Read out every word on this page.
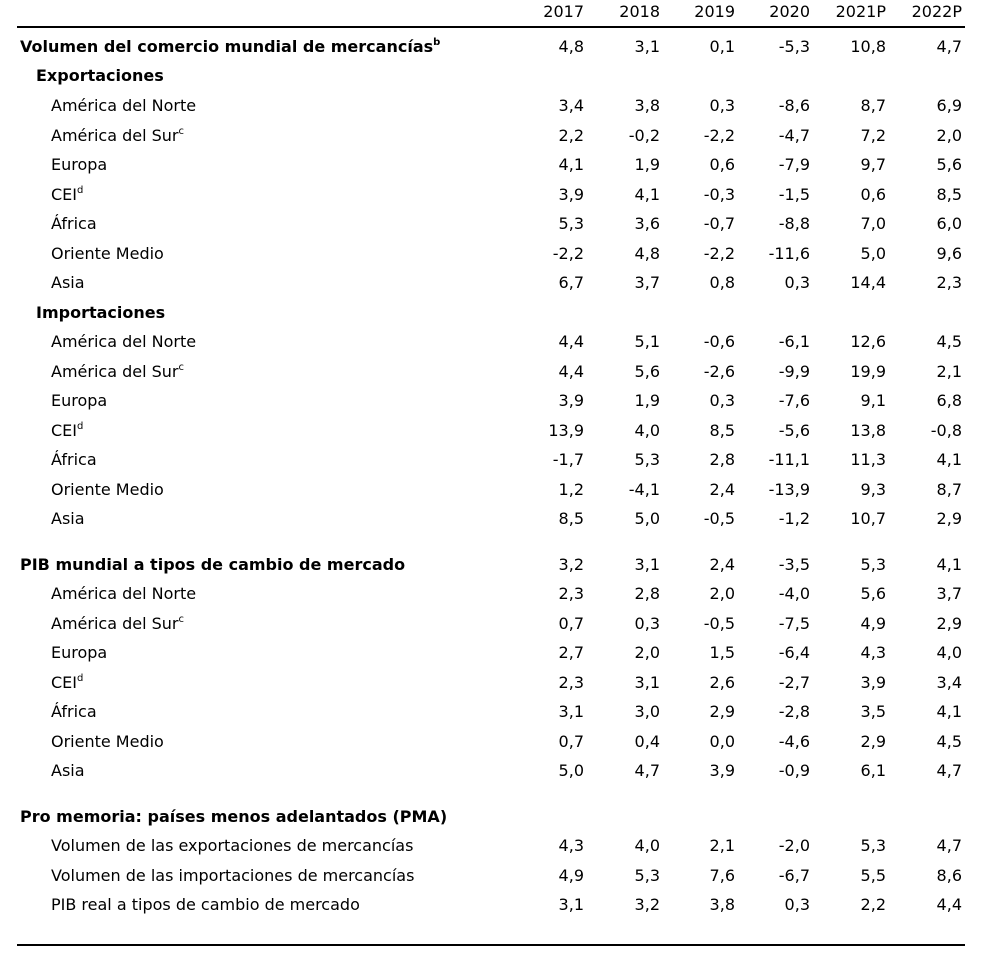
2017	2018	2019	2020	2021P	2022P
Volumen del comercio mundial de mercancías$^b$	4,8	3,1	0,1	-5,3	10,8	4,7
Exportaciones
América del Norte	3,4	3,8	0,3	-8,6	8,7	6,9
América del Sur$^c$	2,2	-0,2	-2,2	-4,7	7,2	2,0
Europa	4,1	1,9	0,6	-7,9	9,7	5,6
CEI$^d$	3,9	4,1	-0,3	-1,5	0,6	8,5
África	5,3	3,6	-0,7	-8,8	7,0	6,0
Oriente Medio	-2,2	4,8	-2,2	-11,6	5,0	9,6
Asia	6,7	3,7	0,8	0,3	14,4	2,3
Importaciones
América del Norte	4,4	5,1	-0,6	-6,1	12,6	4,5
América del Sur$^c$	4,4	5,6	-2,6	-9,9	19,9	2,1
Europa	3,9	1,9	0,3	-7,6	9,1	6,8
CEI$^d$	13,9	4,0	8,5	-5,6	13,8	-0,8
África	-1,7	5,3	2,8	-11,1	11,3	4,1
Oriente Medio	1,2	-4,1	2,4	-13,9	9,3	8,7
Asia	8,5	5,0	-0,5	-1,2	10,7	2,9
PIB mundial a tipos de cambio de mercado	3,2	3,1	2,4	-3,5	5,3	4,1
América del Norte	2,3	2,8	2,0	-4,0	5,6	3,7
América del Sur$^c$	0,7	0,3	-0,5	-7,5	4,9	2,9
Europa	2,7	2,0	1,5	-6,4	4,3	4,0
CEI$^d$	2,3	3,1	2,6	-2,7	3,9	3,4
África	3,1	3,0	2,9	-2,8	3,5	4,1
Oriente Medio	0,7	0,4	0,0	-4,6	2,9	4,5
Asia	5,0	4,7	3,9	-0,9	6,1	4,7
Pro memoria: países menos adelantados (PMA)
Volumen de las exportaciones de mercancías	4,3	4,0	2,1	-2,0	5,3	4,7
Volumen de las importaciones de mercancías	4,9	5,3	7,6	-6,7	5,5	8,6
PIB real a tipos de cambio de mercado	3,1	3,2	3,8	0,3	2,2	4,4
